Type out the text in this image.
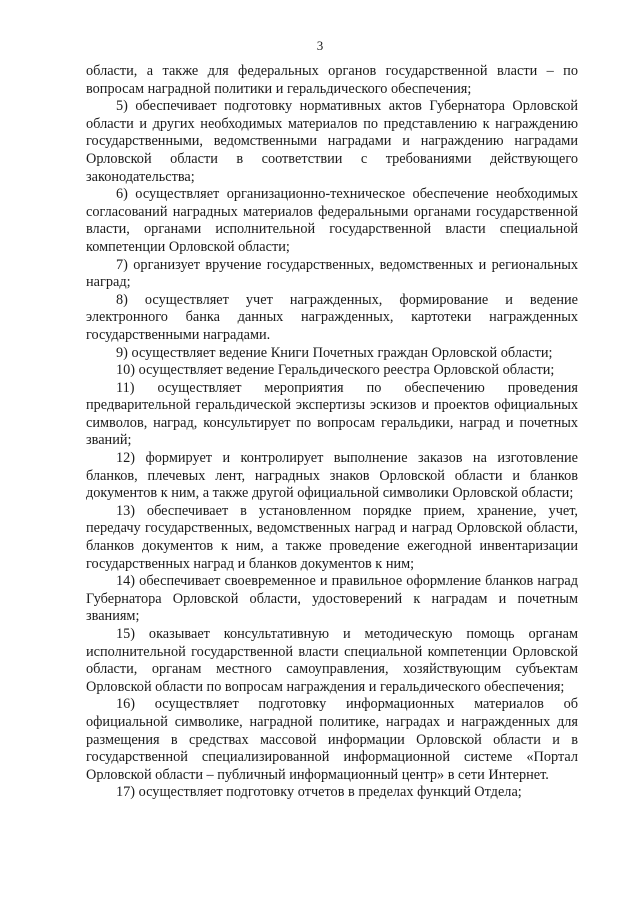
3

области, а также для федеральных органов государственной власти – по вопросам наградной политики и геральдического обеспечения;

5) обеспечивает подготовку нормативных актов Губернатора Орловской области и других необходимых материалов по представлению к награждению государственными, ведомственными наградами и награждению наградами Орловской области в соответствии с требованиями действующего законодательства;

6) осуществляет организационно-техническое обеспечение необходимых согласований наградных материалов федеральными органами государственной власти, органами исполнительной государственной власти специальной компетенции Орловской области;

7) организует вручение государственных, ведомственных и региональных наград;

8) осуществляет учет награжденных, формирование и ведение электронного банка данных награжденных, картотеки награжденных государственными наградами.

9) осуществляет ведение Книги Почетных граждан Орловской области;

10) осуществляет ведение Геральдического реестра Орловской области;

11) осуществляет мероприятия по обеспечению проведения предварительной геральдической экспертизы эскизов и проектов официальных символов, наград, консультирует по вопросам геральдики, наград и почетных званий;

12) формирует и контролирует выполнение заказов на изготовление бланков, плечевых лент, наградных знаков Орловской области и бланков документов к ним, а также другой официальной символики Орловской области;

13) обеспечивает в установленном порядке прием, хранение, учет, передачу государственных, ведомственных наград и наград Орловской области, бланков документов к ним, а также проведение ежегодной инвентаризации государственных наград и бланков документов к ним;

14) обеспечивает своевременное и правильное оформление бланков наград Губернатора Орловской области, удостоверений к наградам и почетным званиям;

15) оказывает консультативную и методическую помощь органам исполнительной государственной власти специальной компетенции Орловской области, органам местного самоуправления, хозяйствующим субъектам Орловской области по вопросам награждения и геральдического обеспечения;

16) осуществляет подготовку информационных материалов об официальной символике, наградной политике, наградах и награжденных для размещения в средствах массовой информации Орловской области и в государственной специализированной информационной системе «Портал Орловской области – публичный информационный центр» в сети Интернет.

17) осуществляет подготовку отчетов в пределах функций Отдела;
